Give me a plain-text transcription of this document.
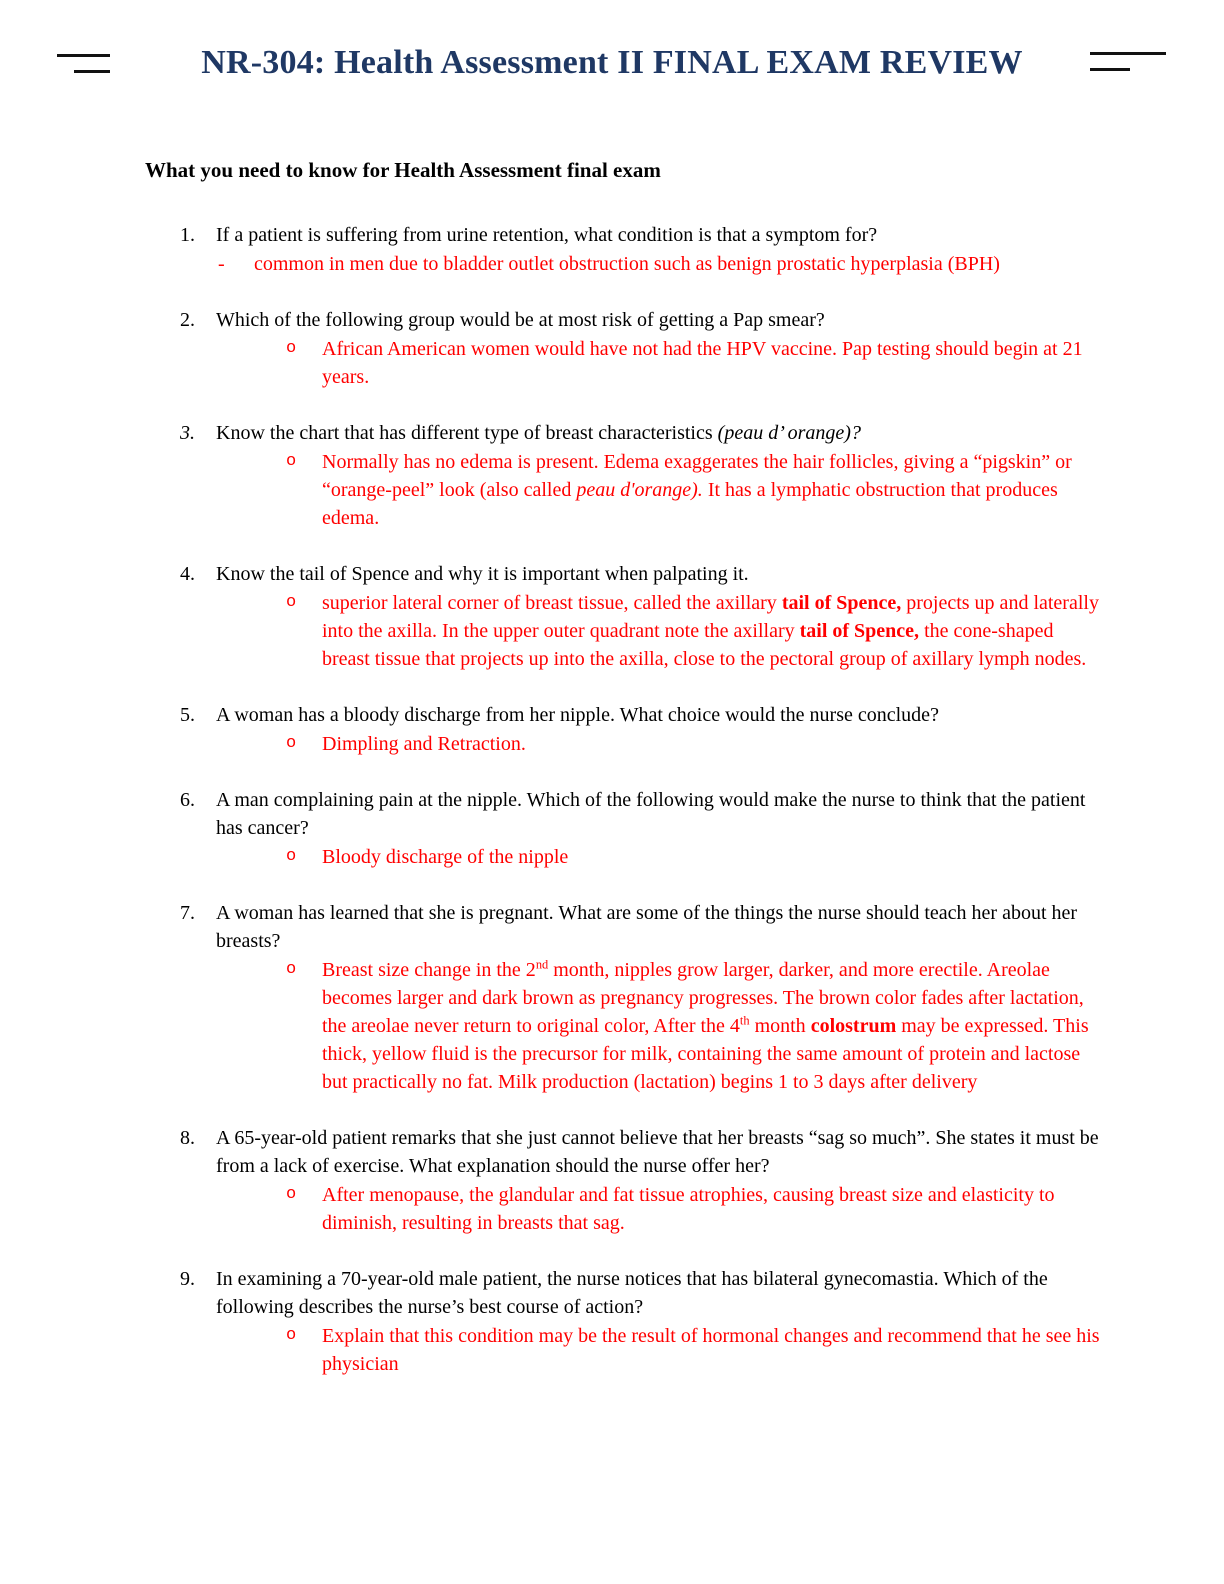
NR-304: Health Assessment II FINAL EXAM REVIEW
What you need to know for Health Assessment final exam
1.	If a patient is suffering from urine retention, what condition is that a symptom for?
-	common in men due to bladder outlet obstruction such as benign prostatic hyperplasia (BPH)
2.	Which of the following group would be at most risk of getting a Pap smear?
o	African American women would have not had the HPV vaccine. Pap testing should begin at 21 years.
3.	Know the chart that has different type of breast characteristics (peau d’ orange)?
o	Normally has no edema is present. Edema exaggerates the hair follicles, giving a “pigskin” or “orange-peel” look (also called peau d'orange). It has a lymphatic obstruction that produces edema.
4.	Know the tail of Spence and why it is important when palpating it.
o	superior lateral corner of breast tissue, called the axillary tail of Spence, projects up and laterally into the axilla. In the upper outer quadrant note the axillary tail of Spence, the cone-shaped breast tissue that projects up into the axilla, close to the pectoral group of axillary lymph nodes.
5.	A woman has a bloody discharge from her nipple. What choice would the nurse conclude?
o	Dimpling and Retraction.
6.	A man complaining pain at the nipple. Which of the following would make the nurse to think that the patient has cancer?
o	Bloody discharge of the nipple
7.	A woman has learned that she is pregnant. What are some of the things the nurse should teach her about her breasts?
o	Breast size change in the 2nd month, nipples grow larger, darker, and more erectile. Areolae becomes larger and dark brown as pregnancy progresses. The brown color fades after lactation, the areolae never return to original color, After the 4th month colostrum may be expressed. This thick, yellow fluid is the precursor for milk, containing the same amount of protein and lactose but practically no fat. Milk production (lactation) begins 1 to 3 days after delivery
8.	A 65-year-old patient remarks that she just cannot believe that her breasts “sag so much”. She states it must be from a lack of exercise. What explanation should the nurse offer her?
o	After menopause, the glandular and fat tissue atrophies, causing breast size and elasticity to diminish, resulting in breasts that sag.
9.	In examining a 70-year-old male patient, the nurse notices that has bilateral gynecomastia. Which of the following describes the nurse’s best course of action?
o	Explain that this condition may be the result of hormonal changes and recommend that he see his physician
